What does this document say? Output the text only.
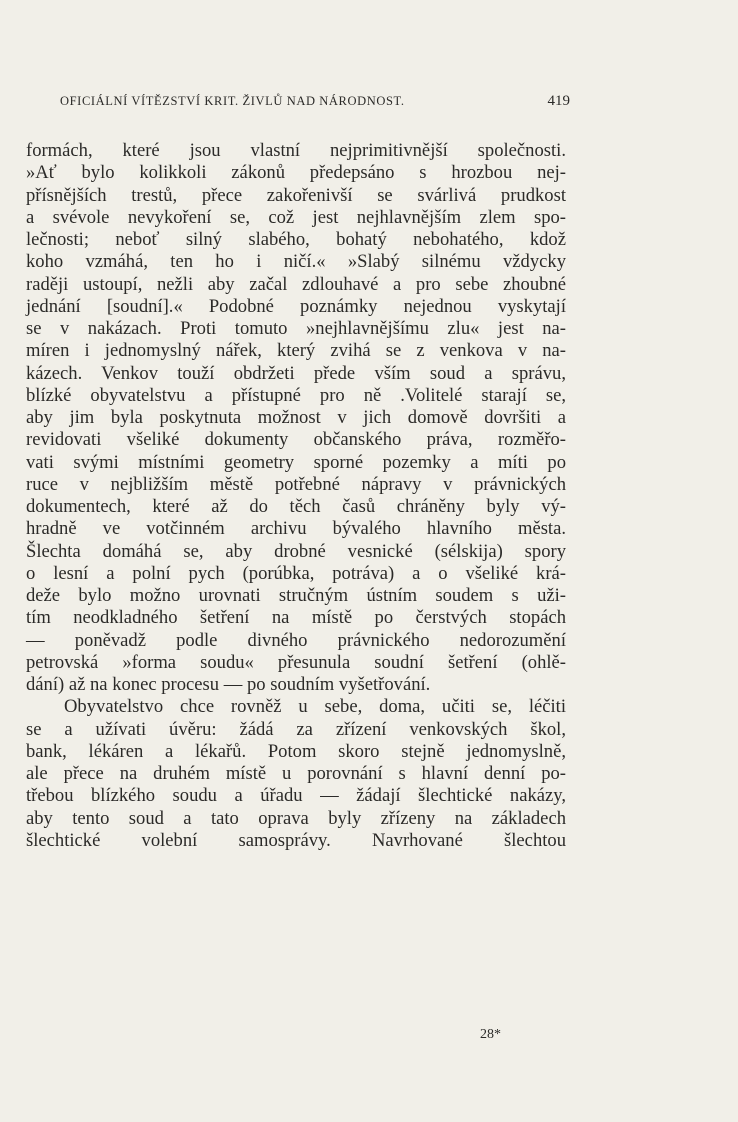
OFICIÁLNÍ VÍTĚZSTVÍ KRIT. ŽIVLŮ NAD NÁRODNOST.	419
formách, které jsou vlastní nejprimitivnější společnosti.
»Ať bylo kolikkoli zákonů předepsáno s hrozbou nej-
přísnějších trestů, přece zakořenivší se svárlivá prudkost
a svévole nevykoření se, což jest nejhlavnějším zlem spo-
lečnosti; neboť silný slabého, bohatý nebohatého, kdož
koho vzmáhá, ten ho i ničí.« »Slabý silnému vždycky
raději ustoupí, nežli aby začal zdlouhavé a pro sebe zhoubné
jednání [soudní].« Podobné poznámky nejednou vyskytají
se v nakázach. Proti tomuto »nejhlavnějšímu zlu« jest na-
míren i jednomyslný nářek, který zvihá se z venkova v na-
kázech. Venkov touží obdržeti přede vším soud a správu,
blízké obyvatelstvu a přístupné pro ně .Volitelé starají se,
aby jim byla poskytnuta možnost v jich domově dovršiti a
revidovati všeliké dokumenty občanského práva, rozměřo-
vati svými místními geometry sporné pozemky a míti po
ruce v nejbližším městě potřebné nápravy v právnických
dokumentech, které až do těch časů chráněny byly vý-
hradně ve votčinném archivu bývalého hlavního města.
Šlechta domáhá se, aby drobné vesnické (sélskija) spory
o lesní a polní pych (porúbka, potráva) a o všeliké krá-
deže bylo možno urovnati stručným ústním soudem s uži-
tím neodkladného šetření na místě po čerstvých stopách
— poněvadž podle divného právnického nedorozumění
petrovská »forma soudu« přesunula soudní šetření (ohlě-
dání) až na konec procesu — po soudním vyšetřování.
Obyvatelstvo chce rovněž u sebe, doma, učiti se, léčiti
se a užívati úvěru: žádá za zřízení venkovských škol,
bank, lékáren a lékařů. Potom skoro stejně jednomyslně,
ale přece na druhém místě u porovnání s hlavní denní po-
třebou blízkého soudu a úřadu — žádají šlechtické nakázy,
aby tento soud a tato oprava byly zřízeny na základech
šlechtické volební samosprávy. Navrhované šlechtou
28*
